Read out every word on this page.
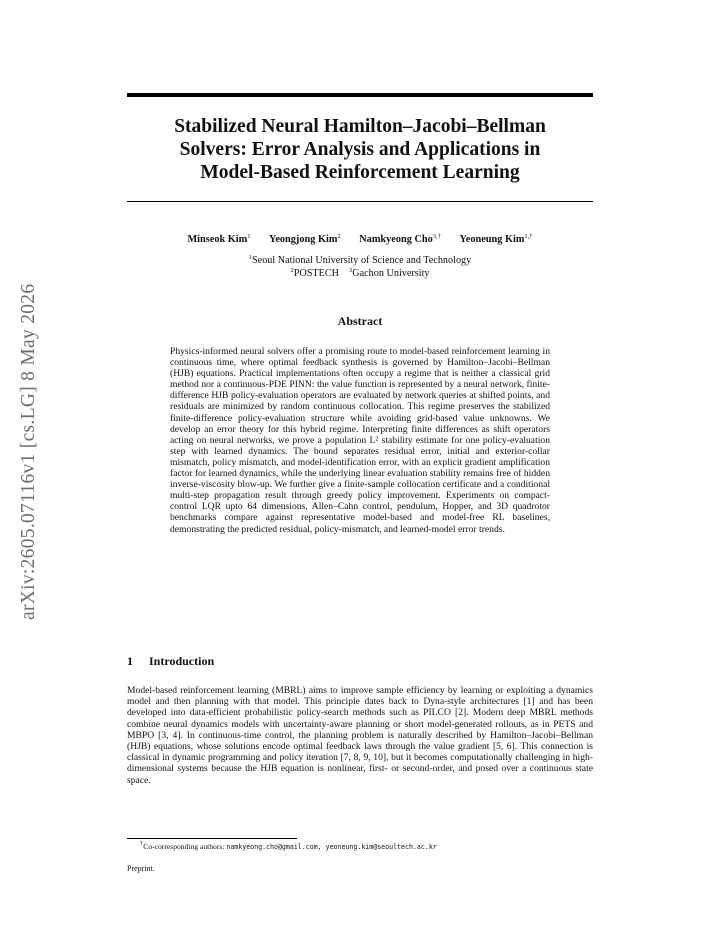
arXiv:2605.07116v1 [cs.LG] 8 May 2026
Stabilized Neural Hamilton–Jacobi–Bellman
Solvers: Error Analysis and Applications in
Model-Based Reinforcement Learning
Minseok Kim$^1$ Yeongjong Kim$^2$ Namkyeong Cho$^{3,\dagger}$ Yeoneung Kim$^{1,\dagger}$
$^1$Seoul National University of Science and Technology
$^2$POSTECH $^3$Gachon University
Abstract
Physics-informed neural solvers offer a promising route to model-based reinforcement learning in continuous time, where optimal feedback synthesis is governed by Hamilton–Jacobi–Bellman (HJB) equations. Practical implementations often occupy a regime that is neither a classical grid method nor a continuous-PDE PINN: the value function is represented by a neural network, finite-difference HJB policy-evaluation operators are evaluated by network queries at shifted points, and residuals are minimized by random continuous collocation. This regime preserves the stabilized finite-difference policy-evaluation structure while avoiding grid-based value unknowns. We develop an error theory for this hybrid regime. Interpreting finite differences as shift operators acting on neural networks, we prove a population L² stability estimate for one policy-evaluation step with learned dynamics. The bound separates residual error, initial and exterior-collar mismatch, policy mismatch, and model-identification error, with an explicit gradient amplification factor for learned dynamics, while the underlying linear evaluation stability remains free of hidden inverse-viscosity blow-up. We further give a finite-sample collocation certificate and a conditional multi-step propagation result through greedy policy improvement. Experiments on compact-control LQR upto 64 dimensions, Allen–Cahn control, pendulum, Hopper, and 3D quadrotor benchmarks compare against representative model-based and model-free RL baselines, demonstrating the predicted residual, policy-mismatch, and learned-model error trends.
1 Introduction
Model-based reinforcement learning (MBRL) aims to improve sample efficiency by learning or exploiting a dynamics model and then planning with that model. This principle dates back to Dyna-style architectures [1] and has been developed into data-efficient probabilistic policy-search methods such as PILCO [2]. Modern deep MBRL methods combine neural dynamics models with uncertainty-aware planning or short model-generated rollouts, as in PETS and MBPO [3, 4]. In continuous-time control, the planning problem is naturally described by Hamilton–Jacobi–Bellman (HJB) equations, whose solutions encode optimal feedback laws through the value gradient [5, 6]. This connection is classical in dynamic programming and policy iteration [7, 8, 9, 10], but it becomes computationally challenging in high-dimensional systems because the HJB equation is nonlinear, first- or second-order, and posed over a continuous state space.
†Co-corresponding authors: namkyeong.cho@gmail.com, yeoneung.kim@seoultech.ac.kr
Preprint.
